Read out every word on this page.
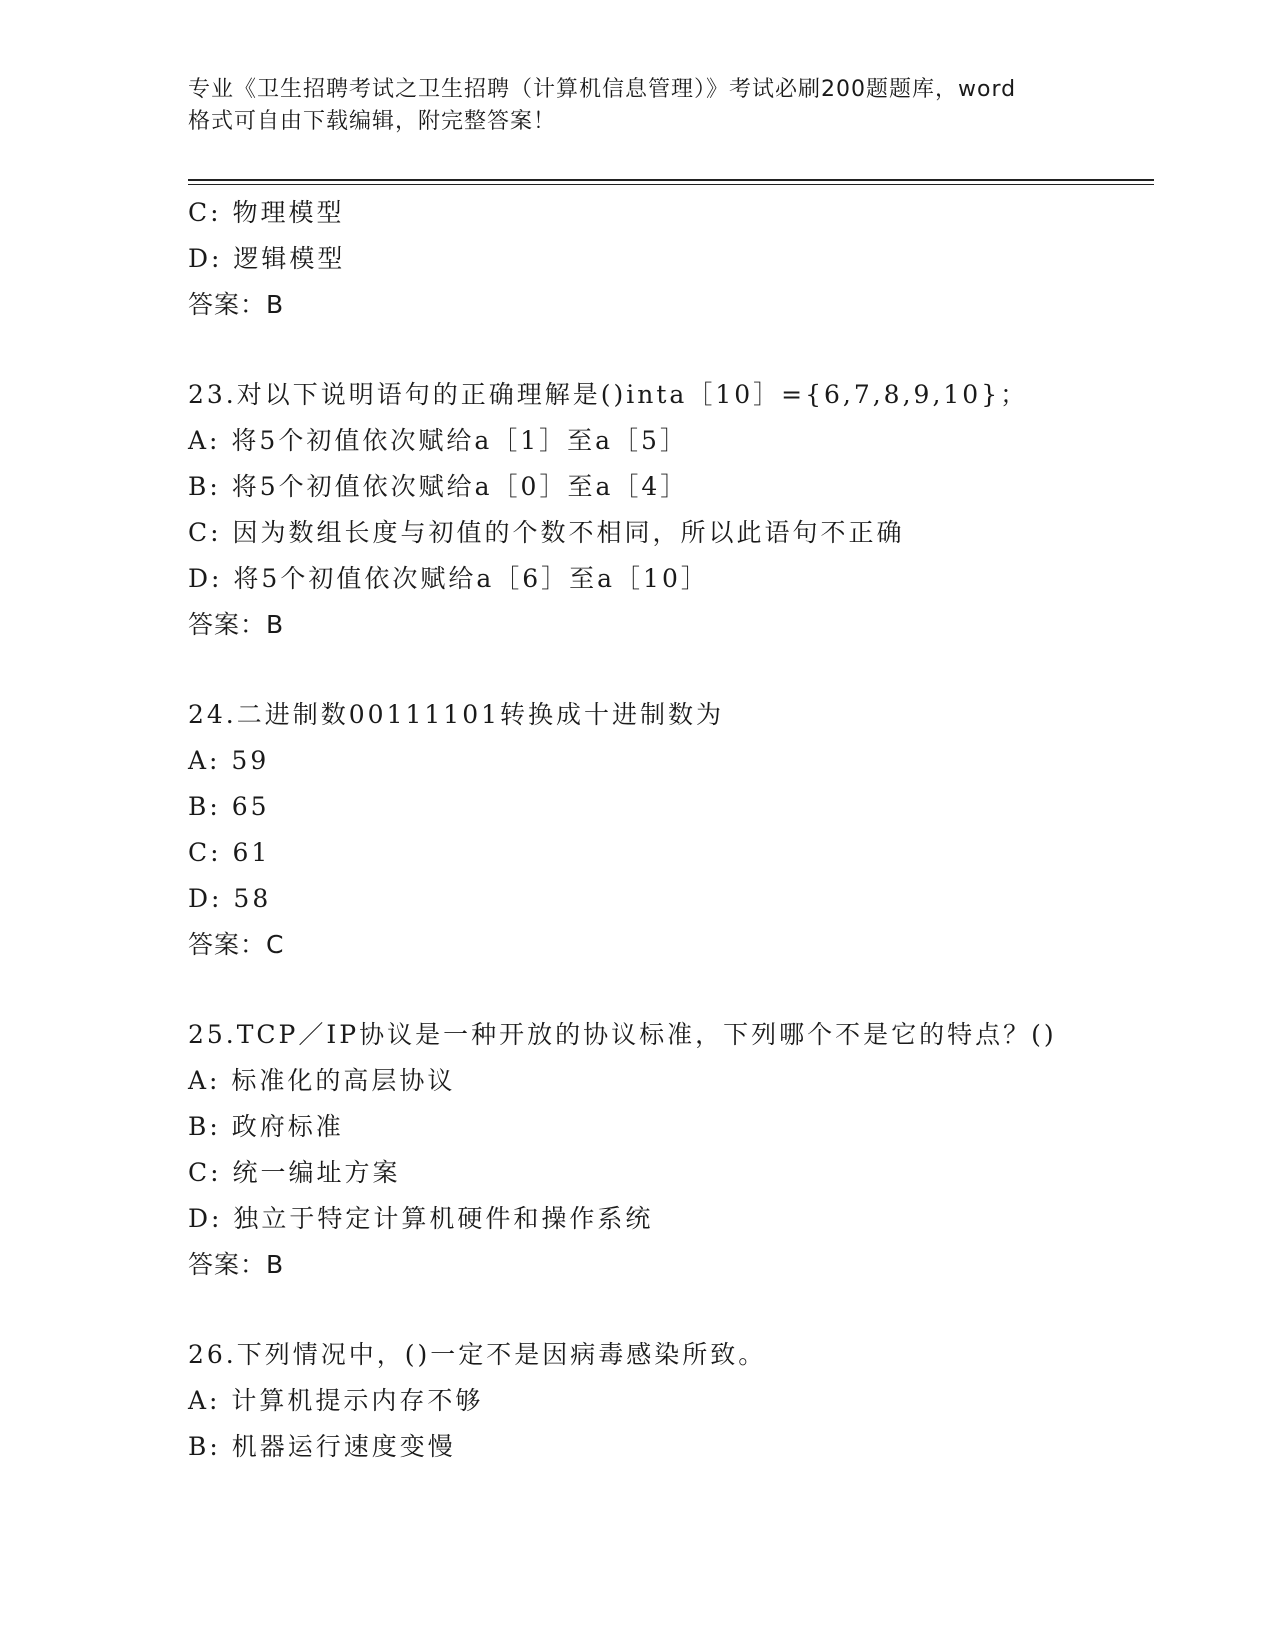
专业《卫生招聘考试之卫生招聘（计算机信息管理）》考试必刷200题题库，word
格式可自由下载编辑，附完整答案！
C: 物理模型
D: 逻辑模型
答案：B
23.对以下说明语句的正确理解是()inta［10］={6,7,8,9,10}；
A: 将5个初值依次赋给a［1］至a［5］
B: 将5个初值依次赋给a［0］至a［4］
C: 因为数组长度与初值的个数不相同，所以此语句不正确
D: 将5个初值依次赋给a［6］至a［10］
答案：B
24.二进制数00111101转换成十进制数为
A: 59
B: 65
C: 61
D: 58
答案：C
25.TCP／IP协议是一种开放的协议标准，下列哪个不是它的特点？()
A: 标准化的高层协议
B: 政府标准
C: 统一编址方案
D: 独立于特定计算机硬件和操作系统
答案：B
26.下列情况中，()一定不是因病毒感染所致。
A: 计算机提示内存不够
B: 机器运行速度变慢
